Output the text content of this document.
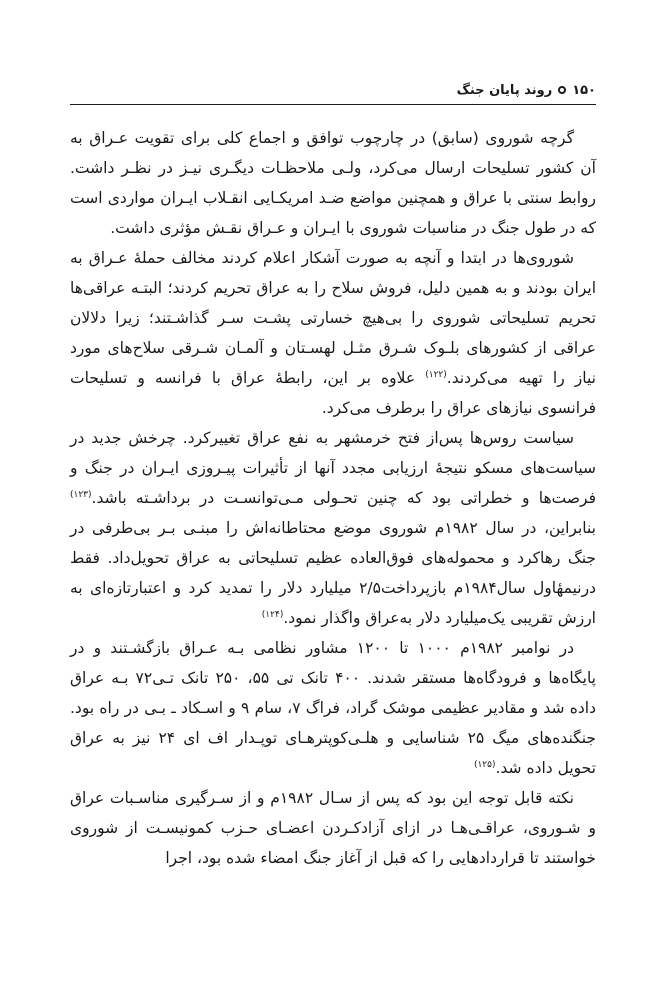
۱۵۰
روند پایان جنگ

گرچه شوروی (سابق) در چارچوب توافق و اجماع کلی برای تقویت عـراق به آن کشور تسلیحات ارسال می‌کرد، ولـی ملاحظـات دیگـری نیـز در نظـر داشت. روابط سنتی با عراق و همچنین مواضع ضـد امریکـایی انقـلاب ایـران مواردی است که در طول جنگ در مناسبات شوروی با ایـران و عـراق نقـش مؤثری داشت.

شوروی‌ها در ابتدا و آنچه به صورت آشکار اعلام کردند مخالف حملهٔ عـراق به ایران بودند و به همین دلیل، فروش سلاح را به عراق تحریم کردند؛ البتـه عراقی‌ها تحریم تسلیحاتی شوروی را بی‌هیچ خسارتی پشـت سـر گذاشـتند؛ زیرا دلالان عراقی از کشورهای بلـوک شـرق مثـل لهسـتان و آلمـان شـرقی سلاح‌های مورد نیاز را تهیه می‌کردند.$^{(۱۲۲)}$ علاوه بر این، رابطهٔ عراق با فرانسه و تسلیحات فرانسوی نیازهای عراق را برطرف می‌کرد.

سیاست روس‌ها پس‌از فتح خرمشهر به نفع عراق تغییرکرد. چرخش جدید در سیاست‌های مسکو نتیجهٔ ارزیابی مجدد آنها از تأثیرات پیـروزی ایـران در جنگ و فرصت‌ها و خطراتی بود که چنین تحـولی مـی‌توانسـت در برداشـته باشد.$^{(۱۲۳)}$ بنابراین، در سال ۱۹۸۲م شوروی موضع محتاطانه‌اش را مبنـی بـر بی‌طرفی در جنگ رهاکرد و محموله‌های فوق‌العاده عظیم تسلیحاتی به عراق تحویل‌داد. فقط درنیمهٔاول سال۱۹۸۴م بازپرداخت۲/۵ میلیارد دلار را تمدید کرد و اعتبارتازه‌ای به ارزش تقریبی یک‌میلیارد دلار به‌عراق واگذار نمود.$^{(۱۲۴)}$

در نوامبر ۱۹۸۲م ۱۰۰۰ تا ۱۲۰۰ مشاور نظامی بـه عـراق بازگشـتند و در پایگاه‌ها و فرودگاه‌ها مستقر شدند. ۴۰۰ تانک تی ۵۵، ۲۵۰ تانک تـی۷۲ بـه عراق داده شد و مقادیر عظیمی موشک گراد، فراگ ۷، سام ۹ و اسـکاد ـ بـی در راه بود. جنگنده‌های میگ ۲۵ شناسایی و هلـی‌کوپترهـای توپـدار اف ای ۲۴ نیز به عراق تحویل داده شد.$^{(۱۲۵)}$

نکته قابل توجه این بود که پس از سـال ۱۹۸۲م و از سـرگیری مناسـبات عراق و شـوروی، عراقـی‌هـا در ازای آزادکـردن اعضـای حـزب کمونیسـت از شوروی خواستند تا قراردادهایی را که قبل از آغاز جنگ امضاء شده بود، اجرا
